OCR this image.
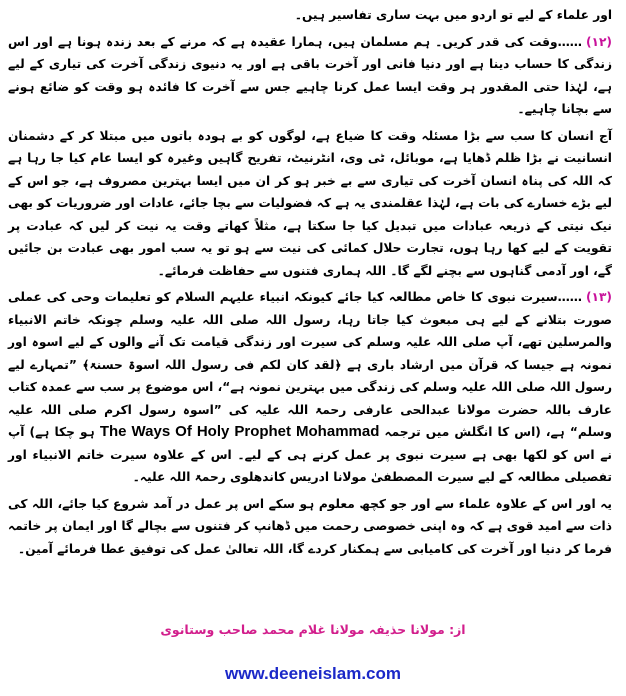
اور علماء کے لیے تو اردو میں بہت ساری تفاسیر ہیں۔

(۱۲)……وقت کی قدر کریں۔ ہم مسلمان ہیں، ہمارا عقیدہ ہے کہ مرنے کے بعد زندہ ہونا ہے اور اس زندگی کا حساب دینا ہے اور دنیا فانی اور آخرت باقی ہے اور یہ دنیوی زندگی آخرت کی تیاری کے لیے ہے، لہٰذا حتی المقدور ہر وقت ایسا عمل کرنا چاہیے جس سے آخرت کا فائدہ ہو وقت کو ضائع ہونے سے بچانا چاہیے۔

آج انسان کا سب سے بڑا مسئلہ وقت کا ضیاع ہے، لوگوں کو بے ہودہ باتوں میں مبتلا کر کے دشمنان انسانیت نے بڑا ظلم ڈھایا ہے، موبائل، ٹی وی، انٹرنیٹ، تفریح گاہیں وغیرہ کو ایسا عام کیا جا رہا ہے کہ اللہ کی پناہ انسان آخرت کی تیاری سے بے خبر ہو کر ان میں ایسا بہترین مصروف ہے، جو اس کے لیے بڑے خسارے کی بات ہے، لہٰذا عقلمندی یہ ہے کہ فضولیات سے بچا جائے، عادات اور ضروریات کو بھی نیک نیتی کے ذریعہ عبادات میں تبدیل کیا جا سکتا ہے، مثلاً کھاتے وقت یہ نیت کر لیں کہ عبادت پر تقویت کے لیے کھا رہا ہوں، تجارت حلال کمائی کی نیت سے ہو تو یہ سب امور بھی عبادت بن جائیں گے، اور آدمی گناہوں سے بچنے لگے گا۔ اللہ ہماری فتنوں سے حفاظت فرمائے۔

(۱۳)……سیرت نبوی کا خاص مطالعہ کیا جائے کیونکہ انبیاء علیہم السلام کو تعلیمات وحی کی عملی صورت بتلانے کے لیے ہی مبعوث کیا جاتا رہا، رسول اللہ صلی اللہ علیہ وسلم چونکہ خاتم الانبیاء والمرسلین تھے، آپ صلی اللہ علیہ وسلم کی سیرت اور زندگی قیامت تک آنے والوں کے لیے اسوہ اور نمونہ ہے جیسا کہ قرآن میں ارشاد باری ہے ﴿لقد کان لکم فی رسول اللہ اسوۃ حسنۃ﴾ ”تمہارے لیے رسول اللہ صلی اللہ علیہ وسلم کی زندگی میں بہترین نمونہ ہے“، اس موضوع پر سب سے عمدہ کتاب عارف باللہ حضرت مولانا عبدالحی عارفی رحمۃ اللہ علیہ کی ”اسوہ رسول اکرم صلی اللہ علیہ وسلم“ ہے، (اس کا انگلش میں ترجمہ The Ways Of Holy Prophet Mohammad ہو چکا ہے) آپ نے اس کو لکھا بھی ہے سیرت نبوی پر عمل کرنے ہی کے لیے۔ اس کے علاوہ سیرت خاتم الانبیاء اور تفصیلی مطالعہ کے لیے سیرت المصطفیٰ مولانا ادریس کاندھلوی رحمۃ اللہ علیہ۔

یہ اور اس کے علاوہ علماء سے اور جو کچھ معلوم ہو سکے اس پر عمل در آمد شروع کیا جائے، اللہ کی ذات سے امید قوی ہے کہ وہ اپنی خصوصی رحمت میں ڈھانپ کر فتنوں سے بچالے گا اور ایمان پر خاتمہ فرما کر دنیا اور آخرت کی کامیابی سے ہمکنار کردے گا، اللہ تعالیٰ عمل کی توفیق عطا فرمائے آمین۔

از: مولانا حذیفہ مولانا غلام محمد صاحب وستانوی
www.deeneislam.com
